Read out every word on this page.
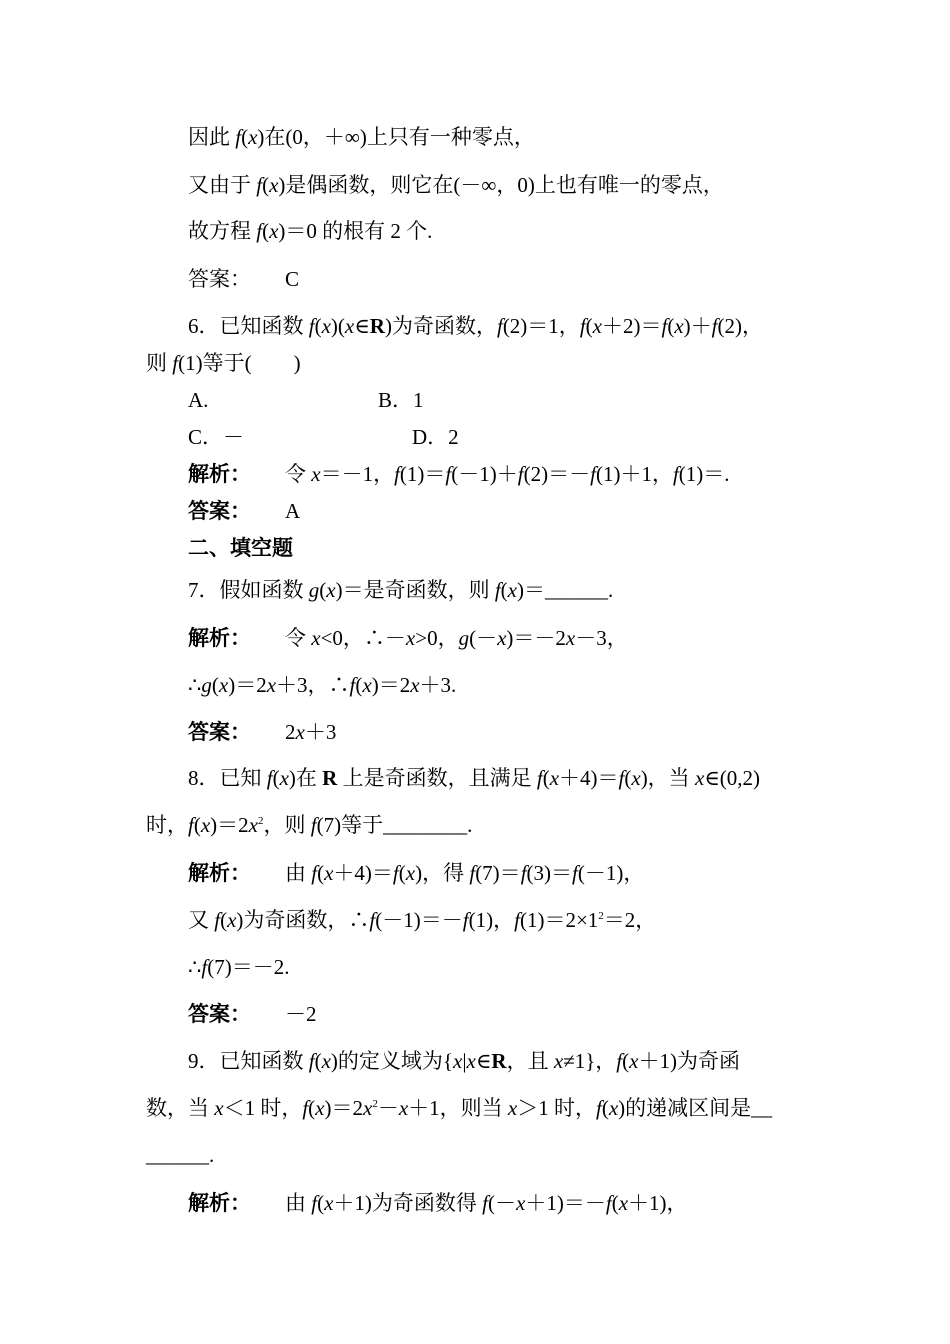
因此 f(x)在(0，＋∞)上只有一种零点，
又由于 f(x)是偶函数，则它在(－∞，0)上也有唯一的零点，
故方程 f(x)＝0 的根有 2 个.
答案： C
6．已知函数 f(x)(x∈R)为奇函数，f(2)＝1，f(x＋2)＝f(x)＋f(2)，
则 f(1)等于(　　)
A.	B．1
C．－	D．2
解析： 令 x＝－1，f(1)＝f(－1)＋f(2)＝－f(1)＋1，f(1)＝.
答案： A
二、填空题
7．假如函数 g(x)＝是奇函数，则 f(x)＝______.
解析： 令 x<0，∴－x>0，g(－x)＝－2x－3，
∴g(x)＝2x＋3，∴f(x)＝2x＋3.
答案： 2x＋3
8．已知 f(x)在 R 上是奇函数，且满足 f(x＋4)＝f(x)，当 x∈(0,2)
时，$f(x)=2x^2$，则 f(7)等于________.
解析： 由 f(x＋4)＝f(x)，得 f(7)＝f(3)＝f(－1)，
又 f(x)为奇函数，∴f(－1)＝－f(1)，$f(1)=2\times 1^2=2$，
∴f(7)＝－2.
答案： －2
9．已知函数 f(x)的定义域为{x|x∈R，且 x≠1}，f(x＋1)为奇函
数，当 x＜1 时，$f(x)=2x^2-x+1$，则当 x＞1 时，f(x)的递减区间是__
______.
解析： 由 f(x＋1)为奇函数得 f(－x＋1)＝－f(x＋1)，
